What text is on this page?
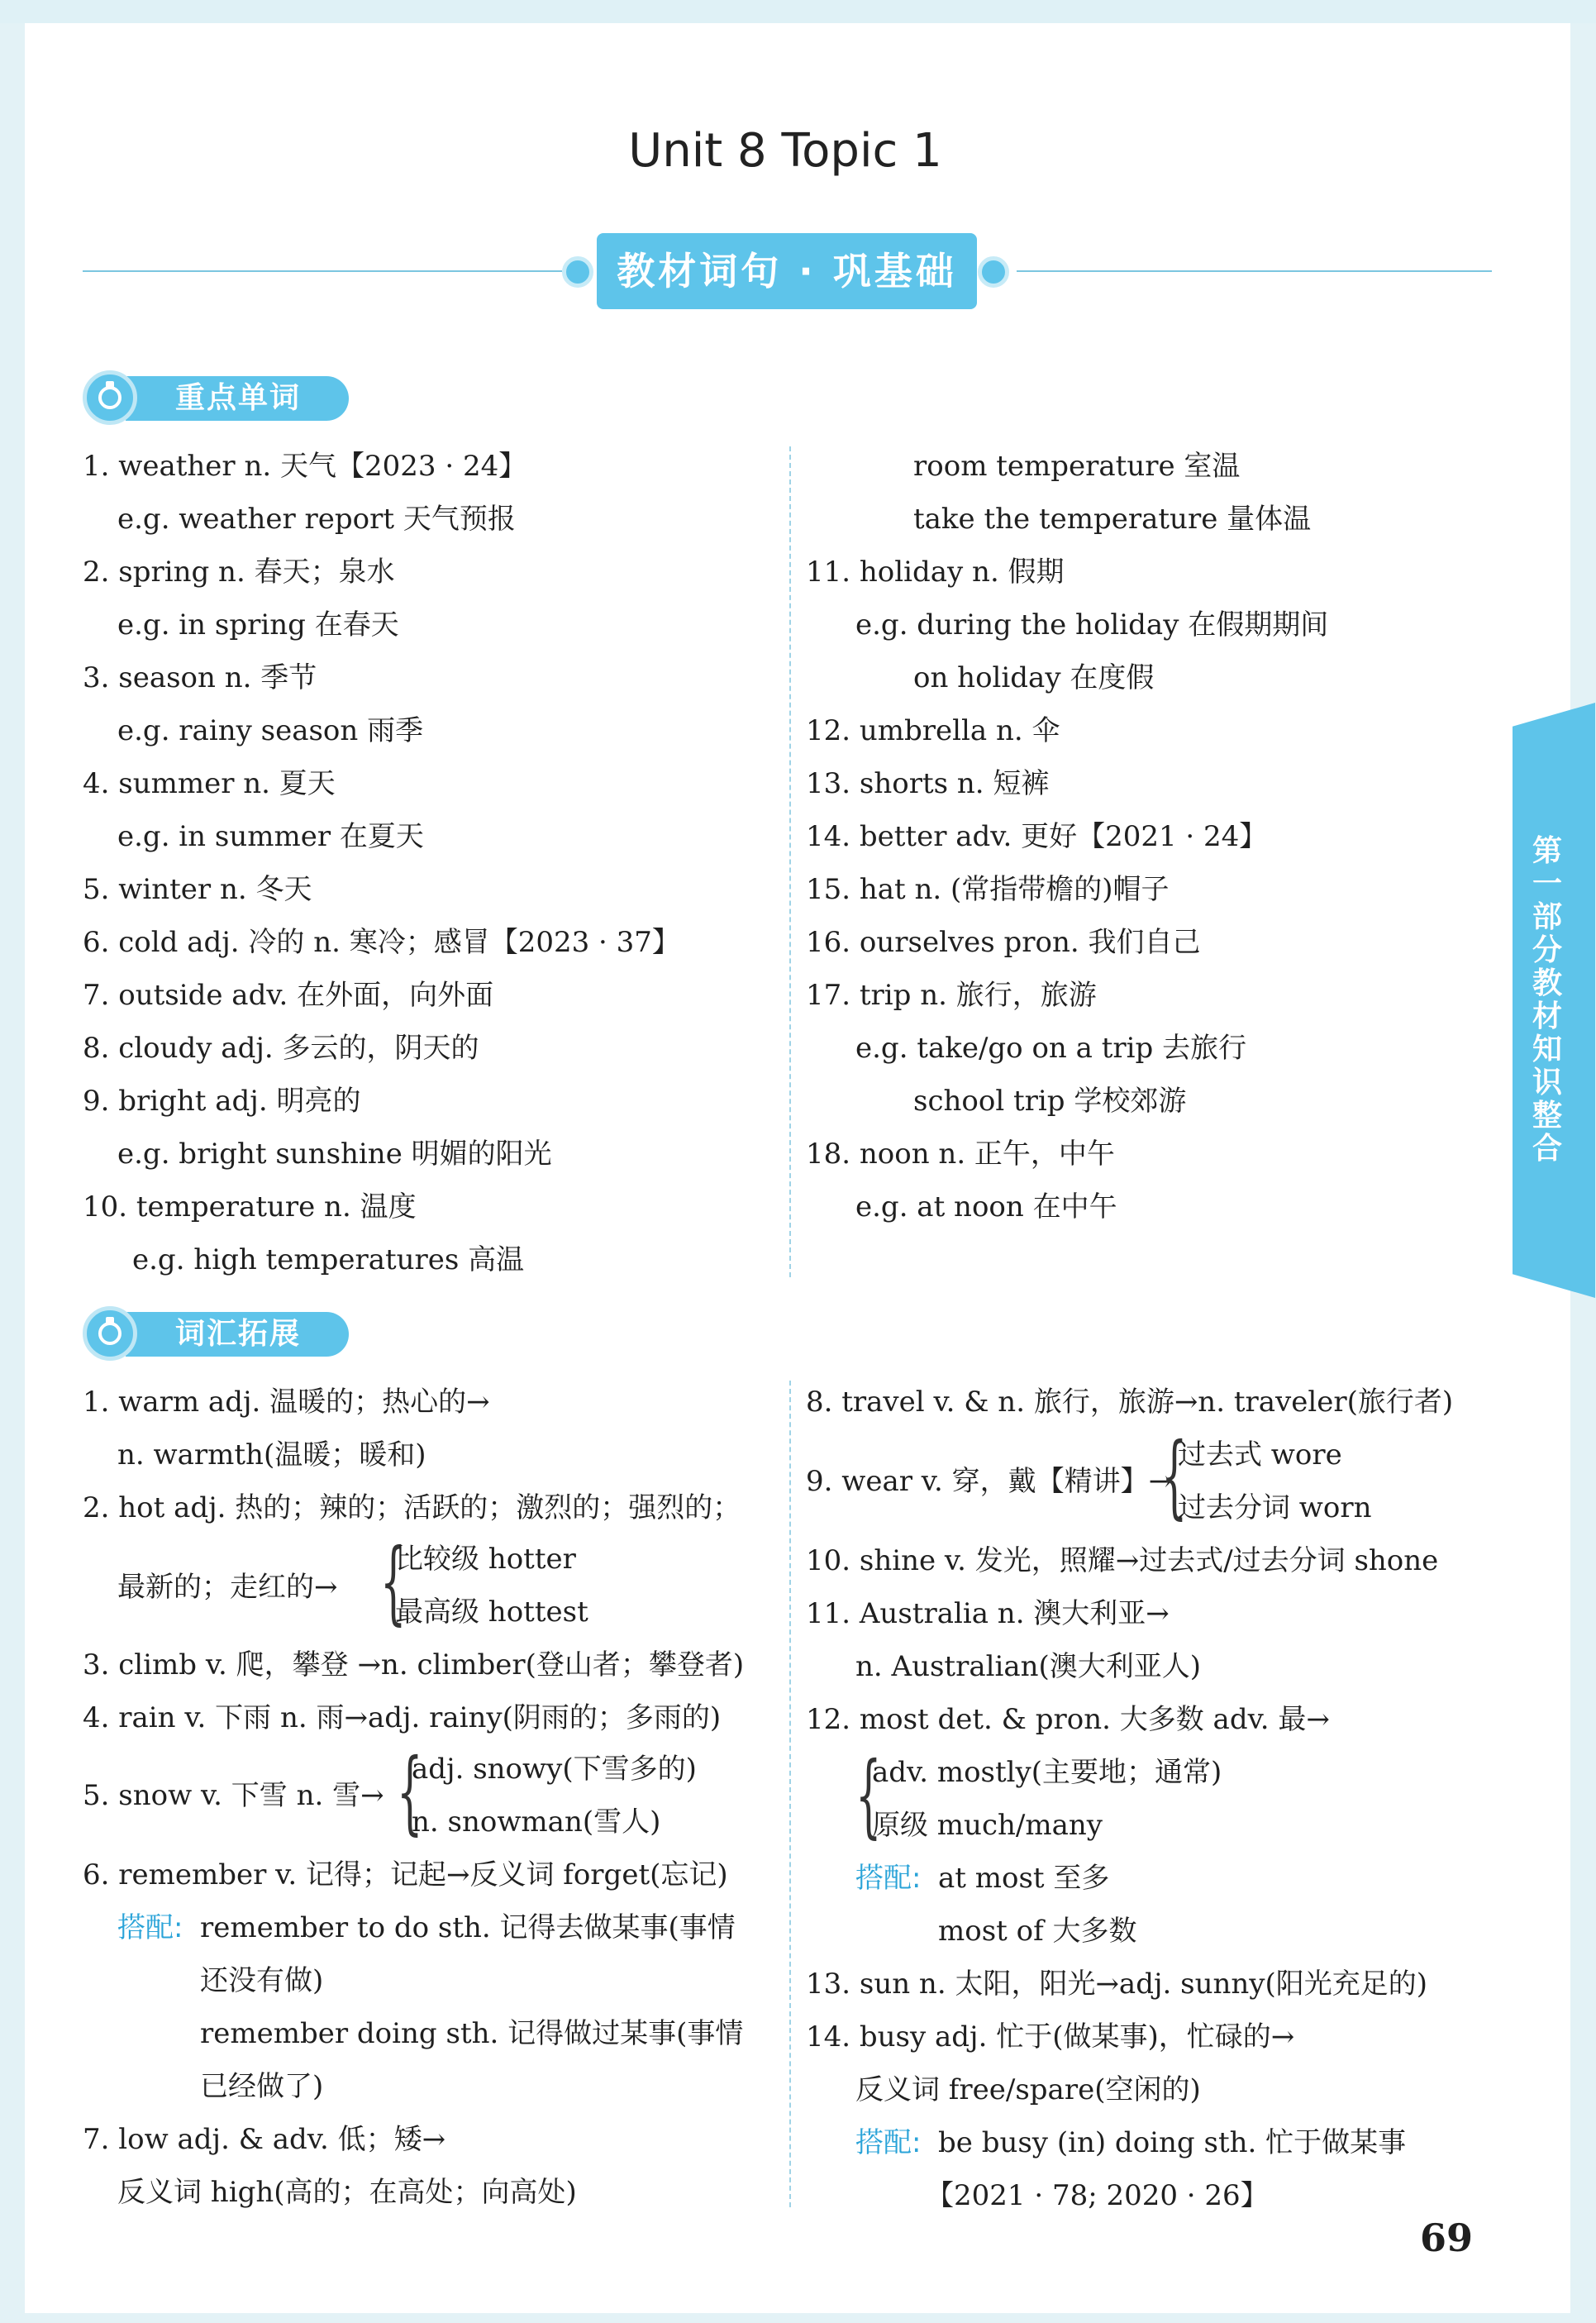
Unit 8 Topic 1
教材词句 · 巩基础
重点单词
1. weather n. 天气【2023 · 24】
e.g. weather report 天气预报
2. spring n. 春天；泉水
e.g. in spring 在春天
3. season n. 季节
e.g. rainy season 雨季
4. summer n. 夏天
e.g. in summer 在夏天
5. winter n. 冬天
6. cold adj. 冷的 n. 寒冷；感冒【2023 · 37】
7. outside adv. 在外面，向外面
8. cloudy adj. 多云的，阴天的
9. bright adj. 明亮的
e.g. bright sunshine 明媚的阳光
10. temperature n. 温度
e.g. high temperatures 高温
room temperature 室温
take the temperature 量体温
11. holiday n. 假期
e.g. during the holiday 在假期期间
on holiday 在度假
12. umbrella n. 伞
13. shorts n. 短裤
14. better adv. 更好【2021 · 24】
15. hat n. (常指带檐的)帽子
16. ourselves pron. 我们自己
17. trip n. 旅行，旅游
e.g. take/go on a trip 去旅行
school trip 学校郊游
18. noon n. 正午，中午
e.g. at noon 在中午
词汇拓展
1. warm adj. 温暖的；热心的→
n. warmth(温暖；暖和)
2. hot adj. 热的；辣的；活跃的；激烈的；强烈的；
最新的；走红的→ {
比较级 hotter
最高级 hottest
3. climb v. 爬，攀登 →n. climber(登山者；攀登者)
4. rain v. 下雨 n. 雨→adj. rainy(阴雨的；多雨的)
5. snow v. 下雪 n. 雪→ {
adj. snowy(下雪多的)
n. snowman(雪人)
6. remember v. 记得；记起→反义词 forget(忘记)
搭配: remember to do sth. 记得去做某事(事情
还没有做)
remember doing sth. 记得做过某事(事情
已经做了)
7. low adj. & adv. 低；矮→
反义词 high(高的；在高处；向高处)
8. travel v. & n. 旅行，旅游→n. traveler(旅行者)
9. wear v. 穿，戴【精讲】→
{
过去式 wore
过去分词 worn
10. shine v. 发光，照耀→过去式/过去分词 shone
11. Australia n. 澳大利亚→
n. Australian(澳大利亚人)
12. most det. & pron. 大多数 adv. 最→
{
adv. mostly(主要地；通常)
原级 much/many
搭配: at most 至多
most of 大多数
13. sun n. 太阳，阳光→adj. sunny(阳光充足的)
14. busy adj. 忙于(做某事)，忙碌的→
反义词 free/spare(空闲的)
搭配: be busy (in) doing sth. 忙于做某事
【2021 · 78; 2020 · 26】
第一部分 教材知识整合
69
